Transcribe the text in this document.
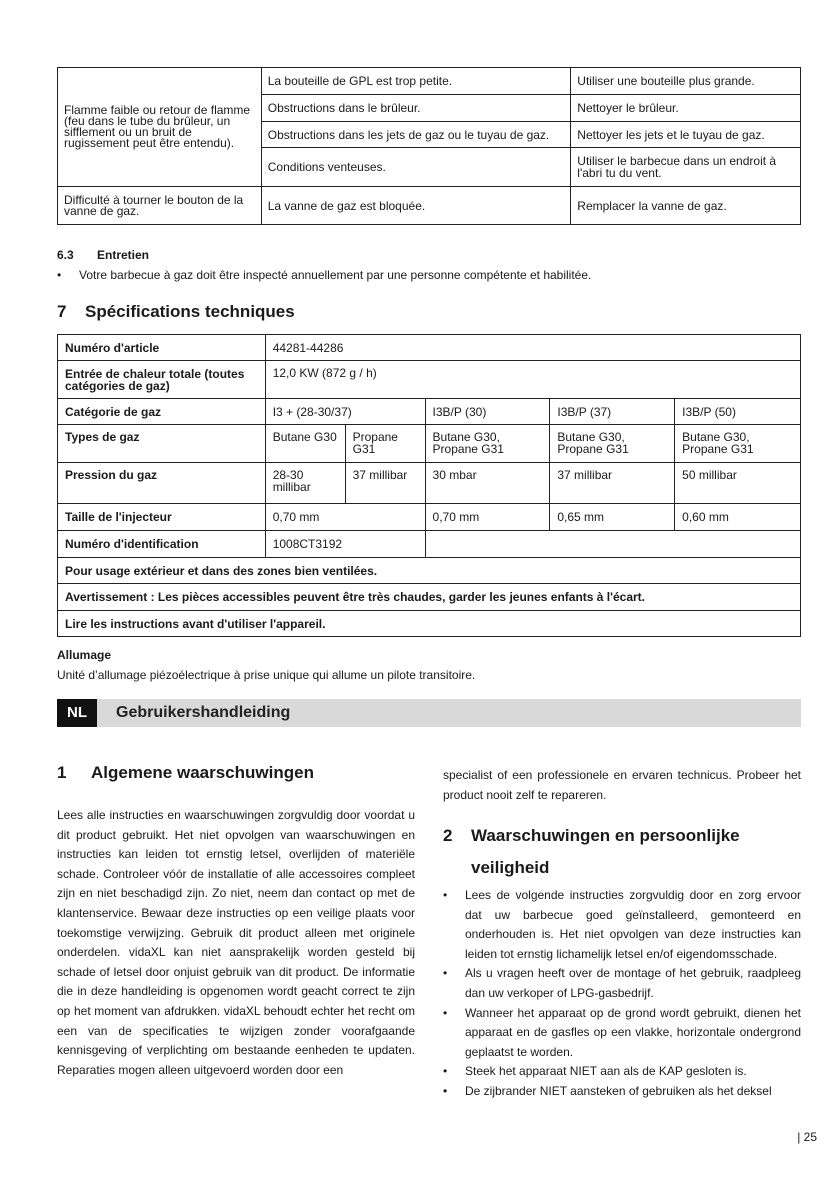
Flamme faible ou retour de flamme (feu dans le tube du brûleur, un sifflement ou un bruit de rugissement peut être entendu).	La bouteille de GPL est trop petite.	Utiliser une bouteille plus grande.
	Obstructions dans le brûleur.	Nettoyer le brûleur.
	Obstructions dans les jets de gaz ou le tuyau de gaz.	Nettoyer les jets et le tuyau de gaz.
	Conditions venteuses.	Utiliser le barbecue dans un endroit à l'abri tu du vent.
Difficulté à tourner le bouton de la vanne de gaz.	La vanne de gaz est bloquée.	Remplacer la vanne de gaz.
6.3 Entretien
• Votre barbecue à gaz doit être inspecté annuellement par une personne compétente et habilitée.
7 Spécifications techniques
Numéro d'article	44281-44286				
Entrée de chaleur totale (toutes catégories de gaz)	12,0 KW (872 g / h)				
Catégorie de gaz	I3 + (28-30/37)		I3B/P (30)	I3B/P (37)	I3B/P (50)
Types de gaz	Butane G30	Propane G31	Butane G30, Propane G31	Butane G30, Propane G31	Butane G30, Propane G31
Pression du gaz	28-30 millibar	37 millibar	30 mbar	37 millibar	50 millibar
Taille de l'injecteur	0,70 mm		0,70 mm	0,65 mm	0,60 mm
Numéro d'identification	1008CT3192				
Pour usage extérieur et dans des zones bien ventilées.					
Avertissement : Les pièces accessibles peuvent être très chaudes, garder les jeunes enfants à l'écart.					
Lire les instructions avant d'utiliser l'appareil.					
Allumage
Unité d’allumage piézoélectrique à prise unique qui allume un pilote transitoire.
NL	Gebruikershandleiding
1 Algemene waarschuwingen

Lees alle instructies en waarschuwingen zorgvuldig door voordat u dit product gebruikt. Het niet opvolgen van waarschuwingen en instructies kan leiden tot ernstig letsel, overlijden of materiële schade. Controleer vóór de installatie of alle accessoires compleet zijn en niet beschadigd zijn. Zo niet, neem dan contact op met de klantenservice. Bewaar deze instructies op een veilige plaats voor toekomstige verwijzing. Gebruik dit product alleen met originele onderdelen. vidaXL kan niet aansprakelijk worden gesteld bij schade of letsel door onjuist gebruik van dit product. De informatie die in deze handleiding is opgenomen wordt geacht correct te zijn op het moment van afdrukken. vidaXL behoudt echter het recht om een van de specificaties te wijzigen zonder voorafgaande kennisgeving of verplichting om bestaande eenheden te updaten. Reparaties mogen alleen uitgevoerd worden door een

specialist of een professionele en ervaren technicus. Probeer het product nooit zelf te repareren.

2 Waarschuwingen en persoonlijke
veiligheid
•	Lees de volgende instructies zorgvuldig door en zorg ervoor dat uw barbecue goed geïnstalleerd, gemonteerd en onderhouden is. Het niet opvolgen van deze instructies kan leiden tot ernstig lichamelijk letsel en/of eigendomsschade.
•	Als u vragen heeft over de montage of het gebruik, raadpleeg dan uw verkoper of LPG-gasbedrijf.
•	Wanneer het apparaat op de grond wordt gebruikt, dienen het apparaat en de gasfles op een vlakke, horizontale ondergrond geplaatst te worden.
•	Steek het apparaat NIET aan als de KAP gesloten is.
•	De zijbrander NIET aansteken of gebruiken als het deksel
| 25
